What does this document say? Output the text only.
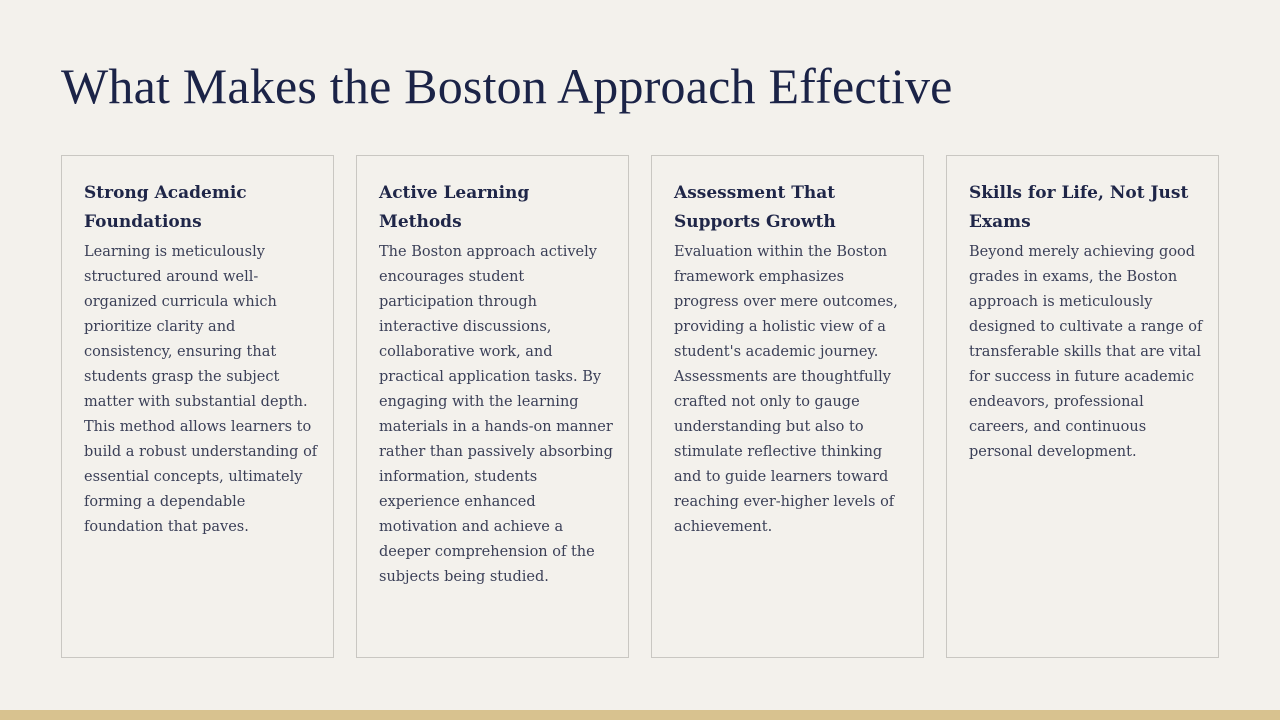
What Makes the Boston Approach Effective
Strong Academic Foundations

Learning is meticulously structured around well-organized curricula which prioritize clarity and consistency, ensuring that students grasp the subject matter with substantial depth. This method allows learners to build a robust understanding of essential concepts, ultimately forming a dependable foundation that paves.

Active Learning Methods

The Boston approach actively encourages student participation through interactive discussions, collaborative work, and practical application tasks. By engaging with the learning materials in a hands-on manner rather than passively absorbing information, students experience enhanced motivation and achieve a deeper comprehension of the subjects being studied.

Assessment That Supports Growth

Evaluation within the Boston framework emphasizes progress over mere outcomes, providing a holistic view of a student's academic journey. Assessments are thoughtfully crafted not only to gauge understanding but also to stimulate reflective thinking and to guide learners toward reaching ever-higher levels of achievement.

Skills for Life, Not Just Exams

Beyond merely achieving good grades in exams, the Boston approach is meticulously designed to cultivate a range of transferable skills that are vital for success in future academic endeavors, professional careers, and continuous personal development.
